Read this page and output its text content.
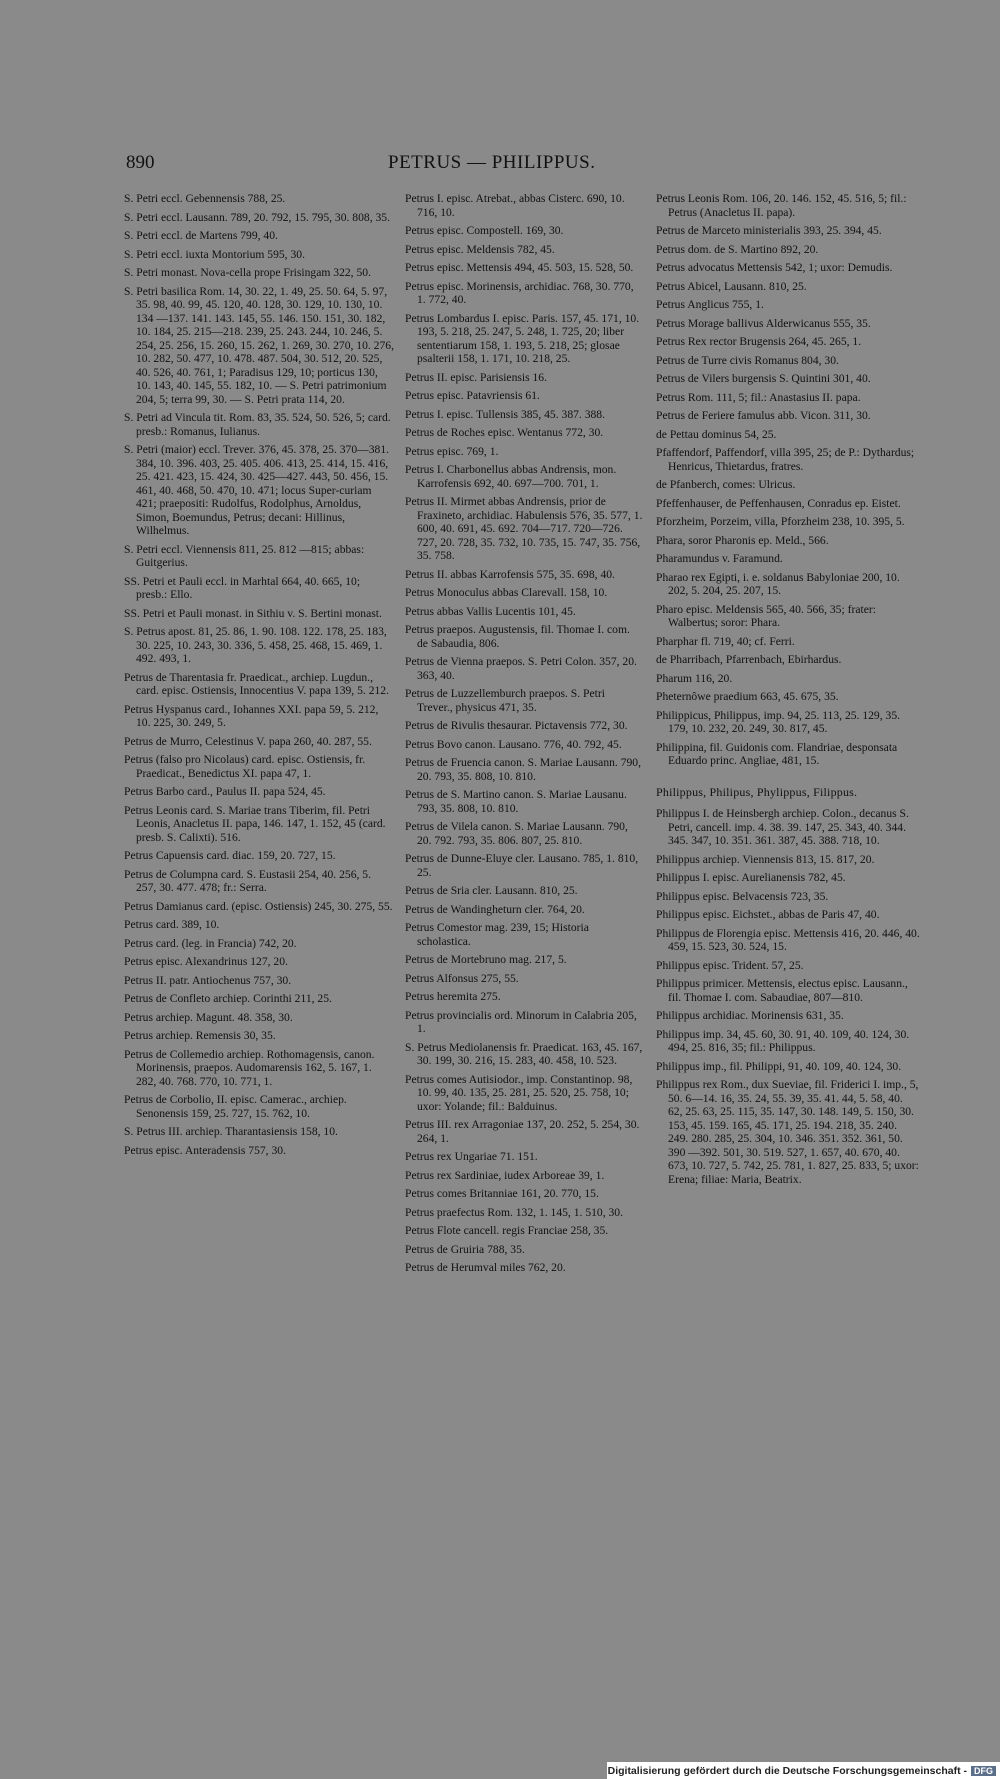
890	PETRUS — PHILIPPUS.
S. Petri eccl. Gebennensis 788, 25.
S. Petri eccl. Lausann. 789, 20. 792, 15. 795, 30. 808, 35.
S. Petri eccl. de Martens 799, 40.
S. Petri eccl. iuxta Montorium 595, 30.
S. Petri monast. Nova-cella prope Frisingam 322, 50.
S. Petri basilica Rom. 14, 30. 22, 1. 49, 25. 50. 64, 5. 97, 35. 98, 40. 99, 45. 120, 40. 128, 30. 129, 10. 130, 10. 134 —137. 141. 143. 145, 55. 146. 150. 151, 30. 182, 10. 184, 25. 215—218. 239, 25. 243. 244, 10. 246, 5. 254, 25. 256, 15. 260, 15. 262, 1. 269, 30. 270, 10. 276, 10. 282, 50. 477, 10. 478. 487. 504, 30. 512, 20. 525, 40. 526, 40. 761, 1; Paradisus 129, 10; porticus 130, 10. 143, 40. 145, 55. 182, 10. — S. Petri patrimonium 204, 5; terra 99, 30. — S. Petri prata 114, 20.
S. Petri ad Vincula tit. Rom. 83, 35. 524, 50. 526, 5; card. presb.: Romanus, Iulianus.
S. Petri (maior) eccl. Trever. 376, 45. 378, 25. 370—381. 384, 10. 396. 403, 25. 405. 406. 413, 25. 414, 15. 416, 25. 421. 423, 15. 424, 30. 425—427. 443, 50. 456, 15. 461, 40. 468, 50. 470, 10. 471; locus Super-curiam 421; praepositi: Rudolfus, Rodolphus, Arnoldus, Simon, Boemundus, Petrus; decani: Hillinus, Wilhelmus.
S. Petri eccl. Viennensis 811, 25. 812 —815; abbas: Guitgerius.
SS. Petri et Pauli eccl. in Marhtal 664, 40. 665, 10; presb.: Ello.
SS. Petri et Pauli monast. in Sithiu v. S. Bertini monast.
S. Petrus apost. 81, 25. 86, 1. 90. 108. 122. 178, 25. 183, 30. 225, 10. 243, 30. 336, 5. 458, 25. 468, 15. 469, 1. 492. 493, 1.
Petrus de Tharentasia fr. Praedicat., archiep. Lugdun., card. episc. Ostiensis, Innocentius V. papa 139, 5. 212.
Petrus Hyspanus card., Iohannes XXI. papa 59, 5. 212, 10. 225, 30. 249, 5.
Petrus de Murro, Celestinus V. papa 260, 40. 287, 55.
Petrus (falso pro Nicolaus) card. episc. Ostiensis, fr. Praedicat., Benedictus XI. papa 47, 1.
Petrus Barbo card., Paulus II. papa 524, 45.
Petrus Leonis card. S. Mariae trans Tiberim, fil. Petri Leonis, Anacletus II. papa, 146. 147, 1. 152, 45 (card. presb. S. Calixti). 516.
Petrus Capuensis card. diac. 159, 20. 727, 15.
Petrus de Columpna card. S. Eustasii 254, 40. 256, 5. 257, 30. 477. 478; fr.: Serra.
Petrus Damianus card. (episc. Ostiensis) 245, 30. 275, 55.
Petrus card. 389, 10.
Petrus card. (leg. in Francia) 742, 20.
Petrus episc. Alexandrinus 127, 20.
Petrus II. patr. Antiochenus 757, 30.
Petrus de Confleto archiep. Corinthi 211, 25.
Petrus archiep. Magunt. 48. 358, 30.
Petrus archiep. Remensis 30, 35.
Petrus de Collemedio archiep. Rothomagensis, canon. Morinensis, praepos. Audomarensis 162, 5. 167, 1. 282, 40. 768. 770, 10. 771, 1.
Petrus de Corbolio, II. episc. Camerac., archiep. Senonensis 159, 25. 727, 15. 762, 10.
S. Petrus III. archiep. Tharantasiensis 158, 10.
Petrus episc. Anteradensis 757, 30.
Petrus I. episc. Atrebat., abbas Cisterc. 690, 10. 716, 10.
Petrus episc. Compostell. 169, 30.
Petrus episc. Meldensis 782, 45.
Petrus episc. Mettensis 494, 45. 503, 15. 528, 50.
Petrus episc. Morinensis, archidiac. 768, 30. 770, 1. 772, 40.
Petrus Lombardus I. episc. Paris. 157, 45. 171, 10. 193, 5. 218, 25. 247, 5. 248, 1. 725, 20; liber sententiarum 158, 1. 193, 5. 218, 25; glosae psalterii 158, 1. 171, 10. 218, 25.
Petrus II. episc. Parisiensis 16.
Petrus episc. Patavriensis 61.
Petrus I. episc. Tullensis 385, 45. 387. 388.
Petrus de Roches episc. Wentanus 772, 30.
Petrus episc. 769, 1.
Petrus I. Charbonellus abbas Andrensis, mon. Karrofensis 692, 40. 697—700. 701, 1.
Petrus II. Mirmet abbas Andrensis, prior de Fraxineto, archidiac. Habulensis 576, 35. 577, 1. 600, 40. 691, 45. 692. 704—717. 720—726. 727, 20. 728, 35. 732, 10. 735, 15. 747, 35. 756, 35. 758.
Petrus II. abbas Karrofensis 575, 35. 698, 40.
Petrus Monoculus abbas Clarevall. 158, 10.
Petrus abbas Vallis Lucentis 101, 45.
Petrus praepos. Augustensis, fil. Thomae I. com. de Sabaudia, 806.
Petrus de Vienna praepos. S. Petri Colon. 357, 20. 363, 40.
Petrus de Luzzellemburch praepos. S. Petri Trever., physicus 471, 35.
Petrus de Rivulis thesaurar. Pictavensis 772, 30.
Petrus Bovo canon. Lausano. 776, 40. 792, 45.
Petrus de Fruencia canon. S. Mariae Lausann. 790, 20. 793, 35. 808, 10. 810.
Petrus de S. Martino canon. S. Mariae Lausanu. 793, 35. 808, 10. 810.
Petrus de Vilela canon. S. Mariae Lausann. 790, 20. 792. 793, 35. 806. 807, 25. 810.
Petrus de Dunne-Eluye cler. Lausano. 785, 1. 810, 25.
Petrus de Sria cler. Lausann. 810, 25.
Petrus de Wandingheturn cler. 764, 20.
Petrus Comestor mag. 239, 15; Historia scholastica.
Petrus de Mortebruno mag. 217, 5.
Petrus Alfonsus 275, 55.
Petrus heremita 275.
Petrus provincialis ord. Minorum in Calabria 205, 1.
S. Petrus Mediolanensis fr. Praedicat. 163, 45. 167, 30. 199, 30. 216, 15. 283, 40. 458, 10. 523.
Petrus comes Autisiodor., imp. Constantinop. 98, 10. 99, 40. 135, 25. 281, 25. 520, 25. 758, 10; uxor: Yolande; fil.: Balduinus.
Petrus III. rex Arragoniae 137, 20. 252, 5. 254, 30. 264, 1.
Petrus rex Ungariae 71. 151.
Petrus rex Sardiniae, iudex Arboreae 39, 1.
Petrus comes Britanniae 161, 20. 770, 15.
Petrus praefectus Rom. 132, 1. 145, 1. 510, 30.
Petrus Flote cancell. regis Franciae 258, 35.
Petrus de Gruiria 788, 35.
Petrus de Herumval miles 762, 20.
Petrus Leonis Rom. 106, 20. 146. 152, 45. 516, 5; fil.: Petrus (Anacletus II. papa).
Petrus de Marceto ministerialis 393, 25. 394, 45.
Petrus dom. de S. Martino 892, 20.
Petrus advocatus Mettensis 542, 1; uxor: Demudis.
Petrus Abicel, Lausann. 810, 25.
Petrus Anglicus 755, 1.
Petrus Morage ballivus Alderwicanus 555, 35.
Petrus Rex rector Brugensis 264, 45. 265, 1.
Petrus de Turre civis Romanus 804, 30.
Petrus de Vilers burgensis S. Quintini 301, 40.
Petrus Rom. 111, 5; fil.: Anastasius II. papa.
Petrus de Feriere famulus abb. Vicon. 311, 30.
de Pettau dominus 54, 25.
Pfaffendorf, Paffendorf, villa 395, 25; de P.: Dythardus; Henricus, Thietardus, fratres.
de Pfanberch, comes: Ulricus.
Pfeffenhauser, de Peffenhausen, Conradus ep. Eistet.
Pforzheim, Porzeim, villa, Pforzheim 238, 10. 395, 5.
Phara, soror Pharonis ep. Meld., 566.
Pharamundus v. Faramund.
Pharao rex Egipti, i. e. soldanus Babyloniae 200, 10. 202, 5. 204, 25. 207, 15.
Pharo episc. Meldensis 565, 40. 566, 35; frater: Walbertus; soror: Phara.
Pharphar fl. 719, 40; cf. Ferri.
de Pharribach, Pfarrenbach, Ebirhardus.
Pharum 116, 20.
Pheternôwe praedium 663, 45. 675, 35.
Philippicus, Philippus, imp. 94, 25. 113, 25. 129, 35. 179, 10. 232, 20. 249, 30. 817, 45.
Philippina, fil. Guidonis com. Flandriae, desponsata Eduardo princ. Angliae, 481, 15.
Philippus, Philipus, Phylippus, Filippus.
Philippus I. de Heinsbergh archiep. Colon., decanus S. Petri, cancell. imp. 4. 38. 39. 147, 25. 343, 40. 344. 345. 347, 10. 351. 361. 387, 45. 388. 718, 10.
Philippus archiep. Viennensis 813, 15. 817, 20.
Philippus I. episc. Aurelianensis 782, 45.
Philippus episc. Belvacensis 723, 35.
Philippus episc. Eichstet., abbas de Paris 47, 40.
Philippus de Florengia episc. Mettensis 416, 20. 446, 40. 459, 15. 523, 30. 524, 15.
Philippus episc. Trident. 57, 25.
Philippus primicer. Mettensis, electus episc. Lausann., fil. Thomae I. com. Sabaudiae, 807—810.
Philippus archidiac. Morinensis 631, 35.
Philippus imp. 34, 45. 60, 30. 91, 40. 109, 40. 124, 30. 494, 25. 816, 35; fil.: Philippus.
Philippus imp., fil. Philippi, 91, 40. 109, 40. 124, 30.
Philippus rex Rom., dux Sueviae, fil. Friderici I. imp., 5, 50. 6—14. 16, 35. 24, 55. 39, 35. 41. 44, 5. 58, 40. 62, 25. 63, 25. 115, 35. 147, 30. 148. 149, 5. 150, 30. 153, 45. 159. 165, 45. 171, 25. 194. 218, 35. 240. 249. 280. 285, 25. 304, 10. 346. 351. 352. 361, 50. 390 —392. 501, 30. 519. 527, 1. 657, 40. 670, 40. 673, 10. 727, 5. 742, 25. 781, 1. 827, 25. 833, 5; uxor: Erena; filiae: Maria, Beatrix.
Digitalisierung gefördert durch die Deutsche Forschungsgemeinschaft - DFG
